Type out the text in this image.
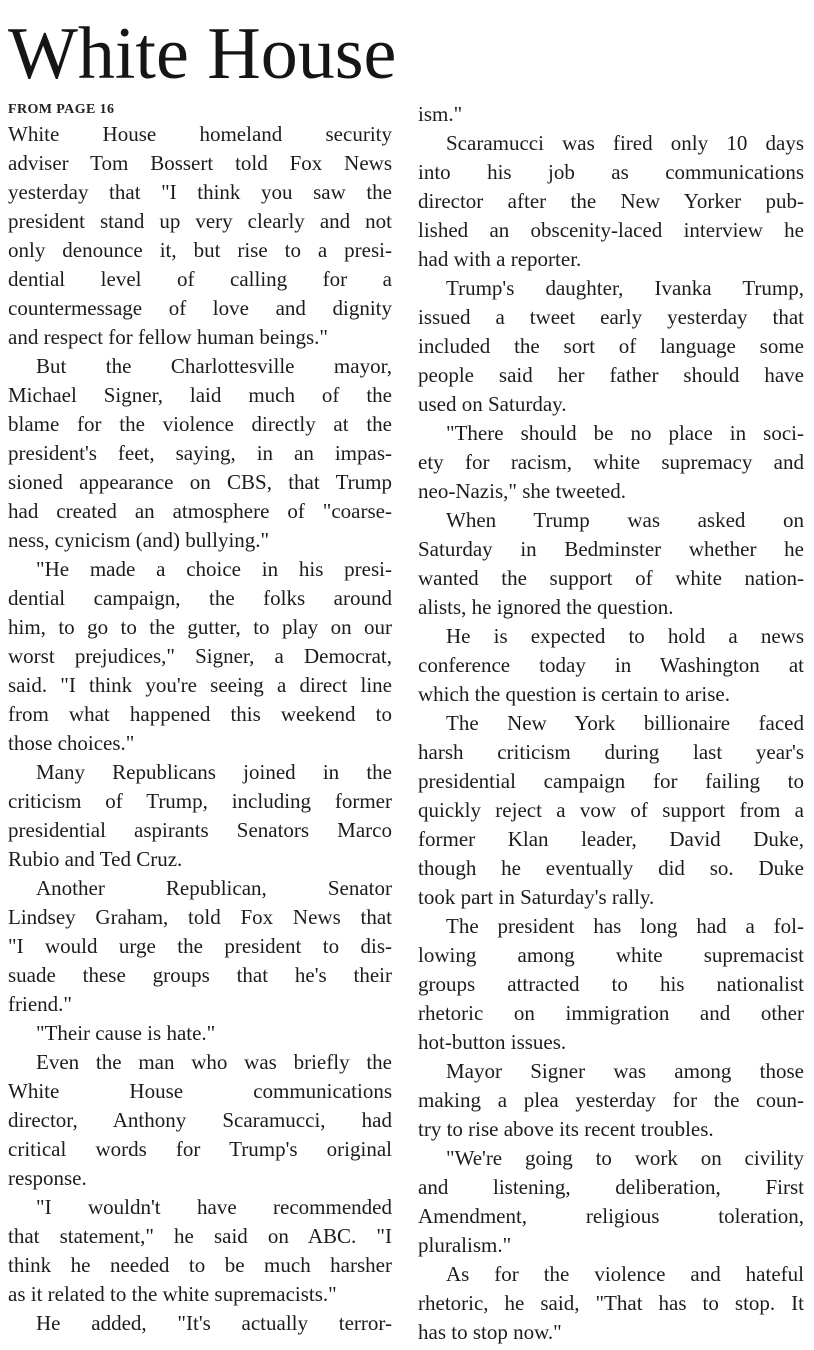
White House
FROM PAGE 16
White House homeland security
adviser Tom Bossert told Fox News
yesterday that "I think you saw the
president stand up very clearly and not
only denounce it, but rise to a presi-
dential level of calling for a
countermessage of love and dignity
and respect for fellow human beings."
But the Charlottesville mayor,
Michael Signer, laid much of the
blame for the violence directly at the
president's feet, saying, in an impas-
sioned appearance on CBS, that Trump
had created an atmosphere of "coarse-
ness, cynicism (and) bullying."
"He made a choice in his presi-
dential campaign, the folks around
him, to go to the gutter, to play on our
worst prejudices," Signer, a Democrat,
said. "I think you're seeing a direct line
from what happened this weekend to
those choices."
Many Republicans joined in the
criticism of Trump, including former
presidential aspirants Senators Marco
Rubio and Ted Cruz.
Another Republican, Senator
Lindsey Graham, told Fox News that
"I would urge the president to dis-
suade these groups that he's their
friend."
"Their cause is hate."
Even the man who was briefly the
White House communications
director, Anthony Scaramucci, had
critical words for Trump's original
response.
"I wouldn't have recommended
that statement," he said on ABC. "I
think he needed to be much harsher
as it related to the white supremacists."
He added, "It's actually terror-
ism."
Scaramucci was fired only 10 days
into his job as communications
director after the New Yorker pub-
lished an obscenity-laced interview he
had with a reporter.
Trump's daughter, Ivanka Trump,
issued a tweet early yesterday that
included the sort of language some
people said her father should have
used on Saturday.
"There should be no place in soci-
ety for racism, white supremacy and
neo-Nazis," she tweeted.
When Trump was asked on
Saturday in Bedminster whether he
wanted the support of white nation-
alists, he ignored the question.
He is expected to hold a news
conference today in Washington at
which the question is certain to arise.
The New York billionaire faced
harsh criticism during last year's
presidential campaign for failing to
quickly reject a vow of support from a
former Klan leader, David Duke,
though he eventually did so. Duke
took part in Saturday's rally.
The president has long had a fol-
lowing among white supremacist
groups attracted to his nationalist
rhetoric on immigration and other
hot-button issues.
Mayor Signer was among those
making a plea yesterday for the coun-
try to rise above its recent troubles.
"We're going to work on civility
and listening, deliberation, First
Amendment, religious toleration,
pluralism."
As for the violence and hateful
rhetoric, he said, "That has to stop. It
has to stop now."
